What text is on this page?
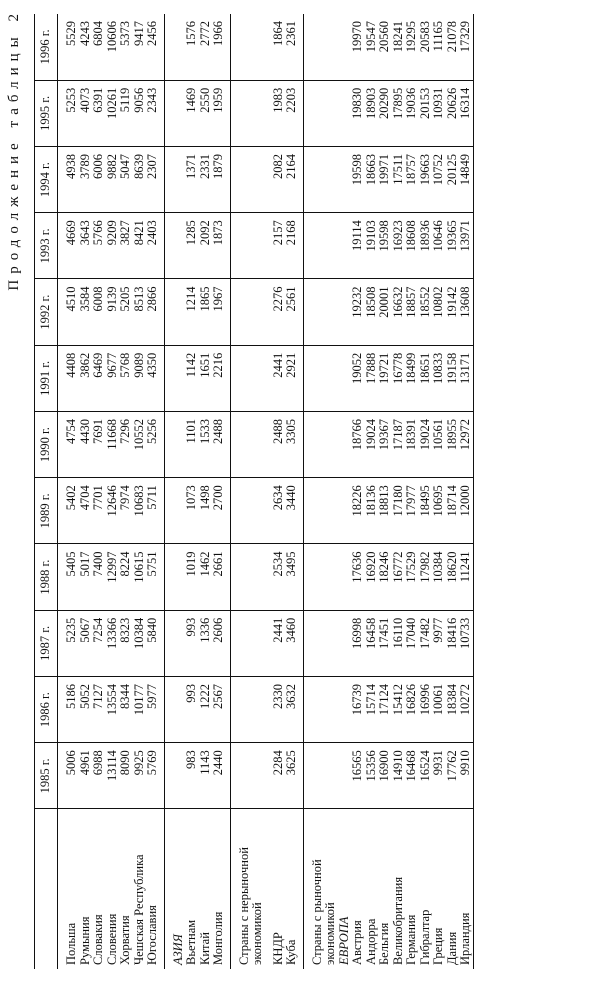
Продолжение таблицы 2
	1985 г.	1986 г.	1987 г.	1988 г.	1989 г.	1990 г.	1991 г.	1992 г.	1993 г.	1994 г.	1995 г.	1996 г.

Польша	5006	5186	5235	5405	5402	4754	4408	4510	4669	4938	5253	5529
Румыния	4961	5052	5067	5017	4704	4430	3862	3584	3643	3789	4073	4243
Словакия	6988	7127	7254	7400	7701	7691	6469	6008	5766	6006	6391	6804
Словения	13114	13554	13366	12997	12646	11668	9677	9139	9209	9882	10261	10606
Хорватия	8090	8344	8323	8224	7974	7296	5768	5205	3827	5047	5119	5373
Чешская Республика	9925	10177	10384	10615	10683	10552	9089	8513	8421	8639	9056	9417
Югославия	5769	5977	5840	5751	5711	5256	4350	2866	2403	2307	2343	2456

АЗИЯ												
Вьетнам	983	993	993	1019	1073	1101	1142	1214	1285	1371	1469	1576
Китай	1143	1222	1336	1462	1498	1533	1651	1865	2092	2331	2550	2772
Монголия	2440	2567	2606	2661	2700	2488	2216	1967	1873	1879	1959	1966

Страны с нерыночной												
экономикой												

КНДР	2284	2330	2441	2534	2634	2488	2441	2276	2157	2082	1983	1864
Куба	3625	3632	3460	3495	3440	3305	2921	2561	2168	2164	2203	2361

Страны с рыночной												
экономикой												
ЕВРОПА												
Австрия	16565	16739	16998	17636	18226	18766	19052	19232	19114	19598	19830	19970
Андорра	15356	15714	16458	16920	18136	19024	17888	18508	19103	18663	18903	19547
Бельгия	16900	17124	17451	18246	18813	19367	19721	20001	19598	19971	20290	20560
Великобритания	14910	15412	16110	16772	17180	17187	16778	16632	16923	17511	17895	18241
Германия	16468	16826	17040	17529	17977	18391	18499	18857	18608	18757	19036	19295
Гибралтар	16524	16996	17482	17982	18495	19024	18651	18552	18936	19663	20153	20583
Греция	9931	10061	9977	10384	10695	10561	10833	10802	10646	10752	10931	11165
Дания	17762	18384	18416	18620	18714	18955	19158	19142	19365	20125	20626	21078
Ирландия	9910	10272	10733	11241	12000	12972	13171	13608	13971	14849	16314	17329
